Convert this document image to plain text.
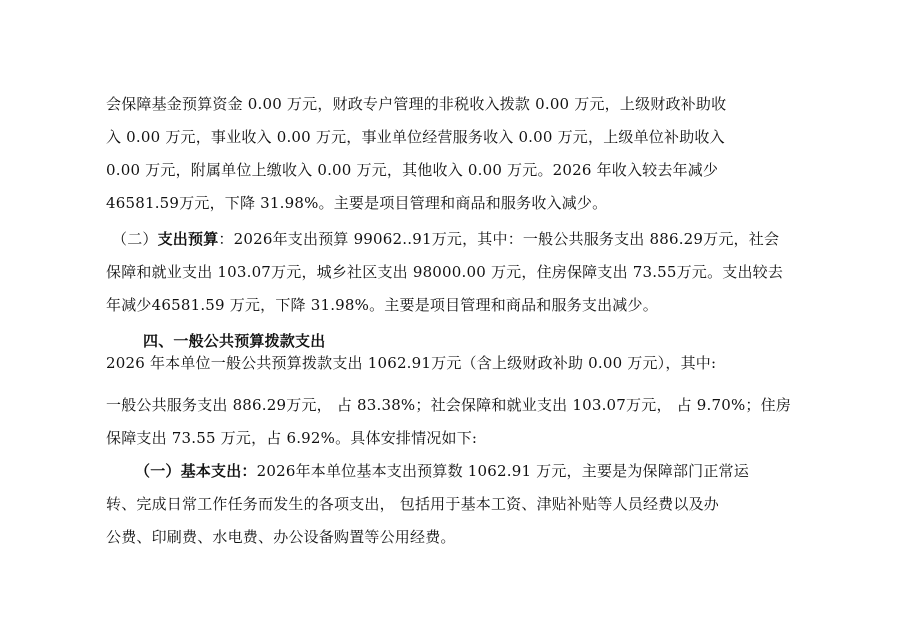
会保障基金预算资金 0.00 万元，财政专户管理的非税收入拨款 0.00 万元，上级财政补助收
入 0.00 万元，事业收入 0.00 万元，事业单位经营服务收入 0.00 万元，上级单位补助收入
0.00 万元，附属单位上缴收入 0.00 万元，其他收入 0.00 万元。2026 年收入较去年减少
46581.59万元，下降 31.98%。主要是项目管理和商品和服务收入减少。
（二）支出预算：2026年支出预算 99062..91万元，其中：一般公共服务支出 886.29万元，社会
保障和就业支出 103.07万元，城乡社区支出 98000.00 万元，住房保障支出 73.55万元。支出较去
年减少46581.59 万元，下降 31.98%。主要是项目管理和商品和服务支出减少。
四、一般公共预算拨款支出
2026 年本单位一般公共预算拨款支出 1062.91万元（含上级财政补助 0.00 万元），其中:
一般公共服务支出 886.29万元， 占 83.38%；社会保障和就业支出 103.07万元， 占 9.70%；住房
保障支出 73.55 万元，占 6.92%。具体安排情况如下:
（一）基本支出：2026年本单位基本支出预算数 1062.91 万元，主要是为保障部门正常运
转、完成日常工作任务而发生的各项支出， 包括用于基本工资、津贴补贴等人员经费以及办
公费、印刷费、水电费、办公设备购置等公用经费。
